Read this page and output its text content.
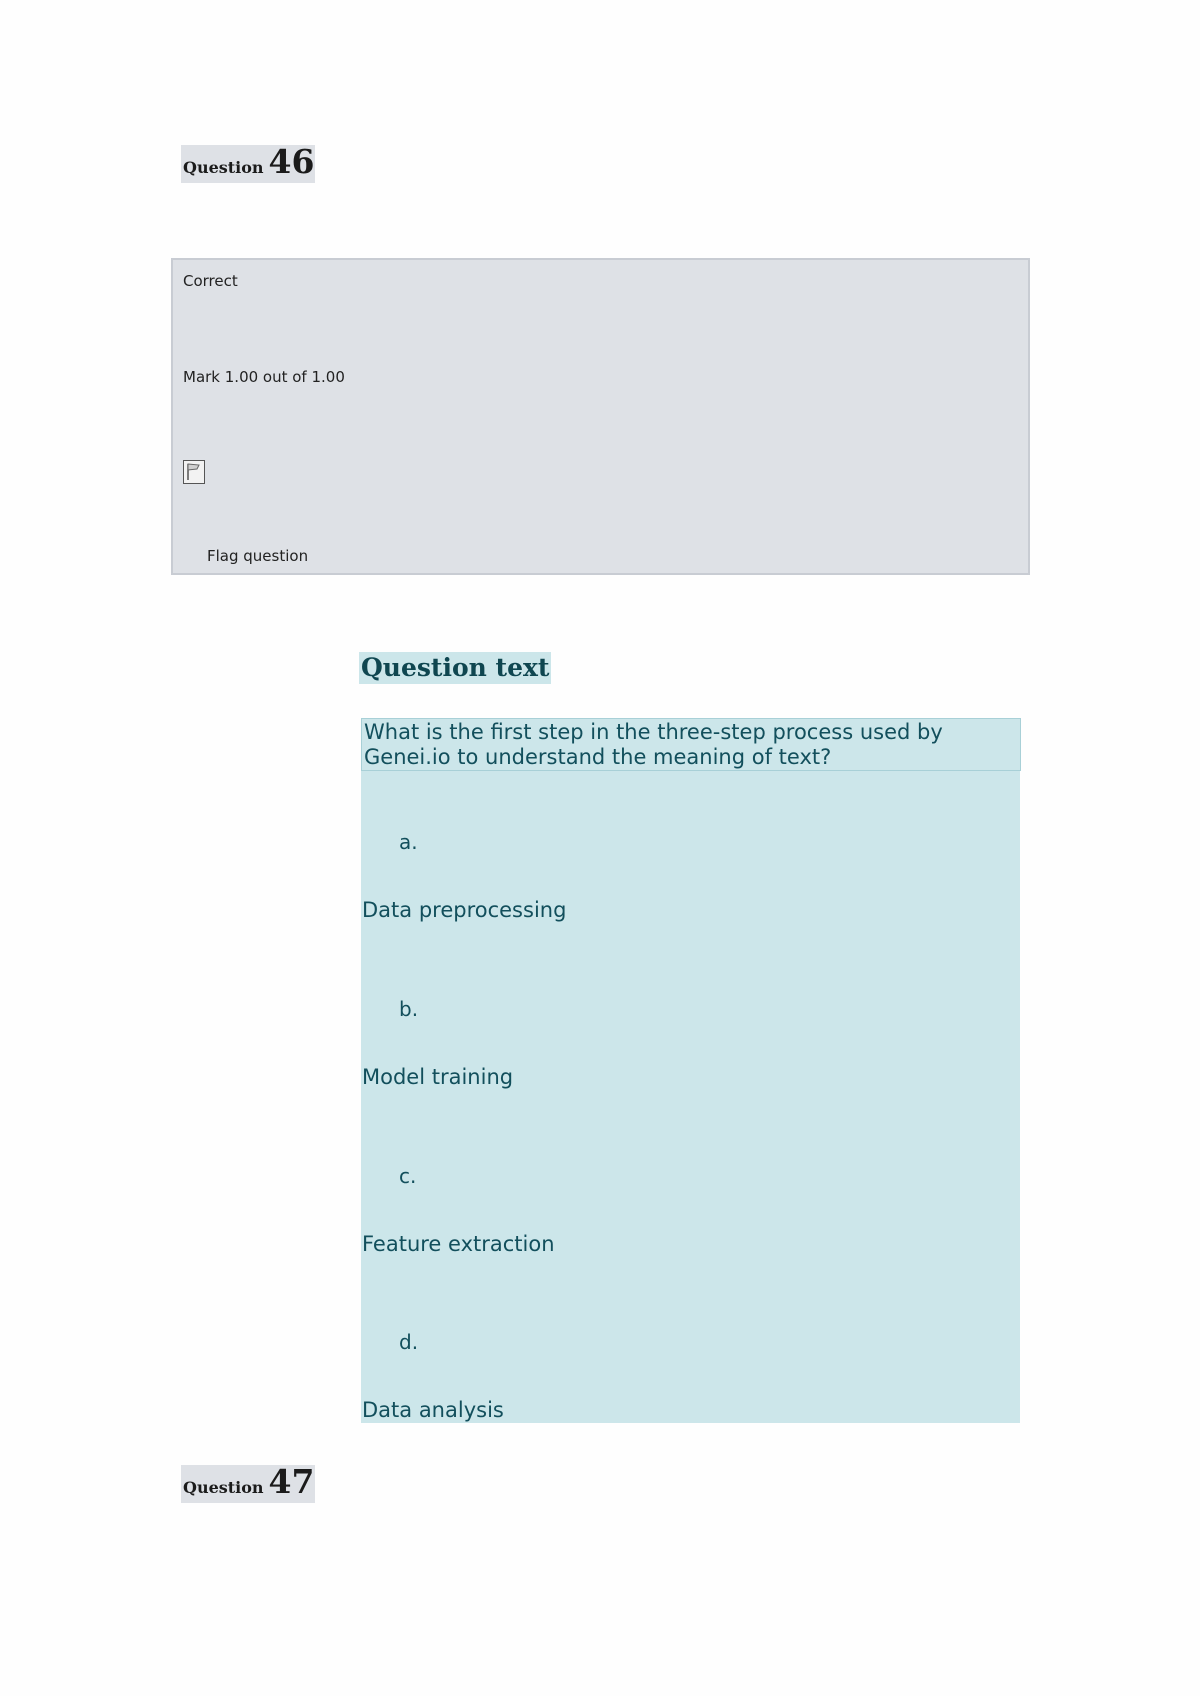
Question 46
Correct
Mark 1.00 out of 1.00
Flag question
Question text
What is the first step in the three-step process used by Genei.io to understand the meaning of text?
a.
Data preprocessing
b.
Model training
c.
Feature extraction
d.
Data analysis
Question 47
